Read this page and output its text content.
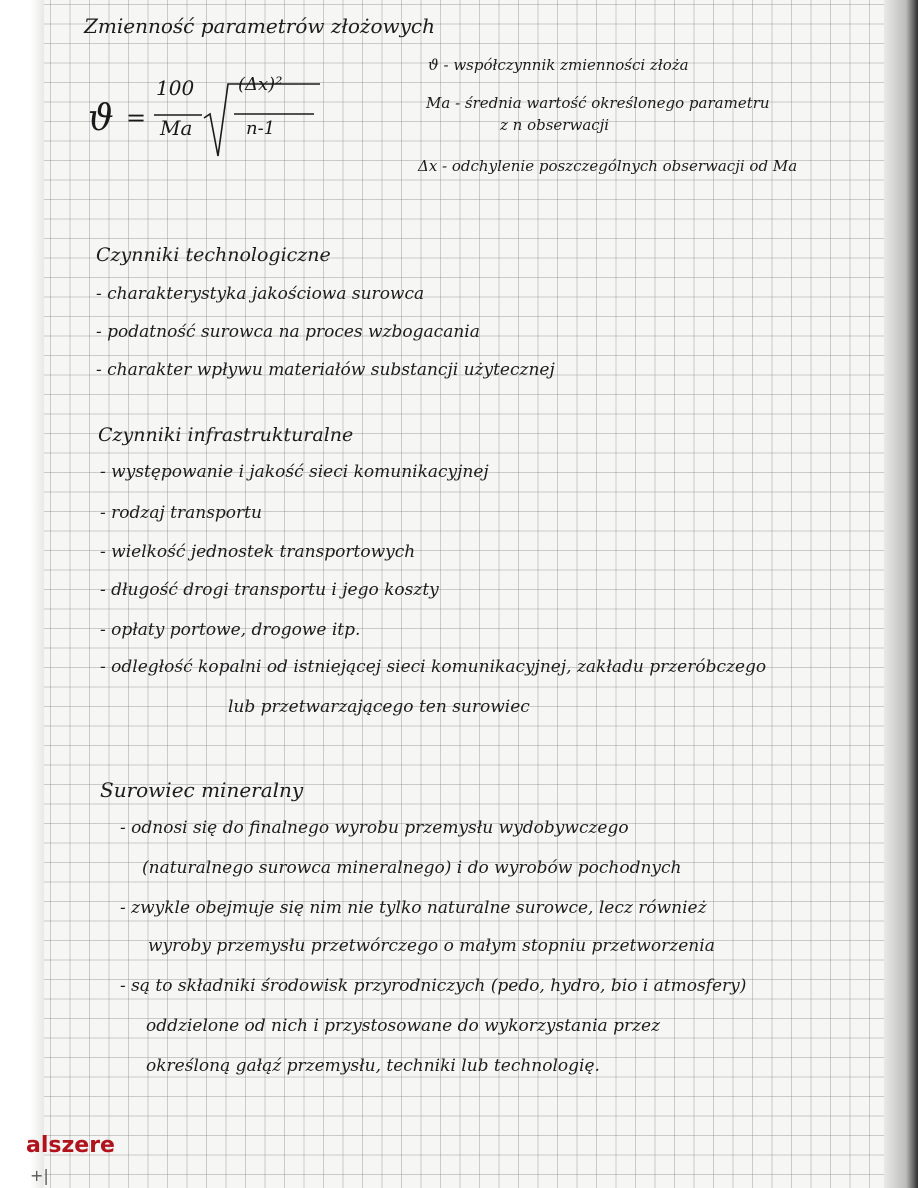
Zmienność parametrów złożowych
ϑ =
100
Ma
(Δx)²
n-1
ϑ - współczynnik zmienności złoża
Ma - średnia wartość określonego parametru
z n obserwacji
Δx - odchylenie poszczególnych obserwacji od Ma
Czynniki technologiczne
- charakterystyka jakościowa surowca
- podatność surowca na proces wzbogacania
- charakter wpływu materiałów substancji użytecznej
Czynniki infrastrukturalne
- występowanie i jakość sieci komunikacyjnej
- rodzaj transportu
- wielkość jednostek transportowych
- długość drogi transportu i jego koszty
- opłaty portowe, drogowe itp.
- odległość kopalni od istniejącej sieci komunikacyjnej, zakładu przeróbczego
lub przetwarzającego ten surowiec
Surowiec mineralny
- odnosi się do finalnego wyrobu przemysłu wydobywczego
(naturalnego surowca mineralnego) i do wyrobów pochodnych
- zwykle obejmuje się nim nie tylko naturalne surowce, lecz również
wyroby przemysłu przetwórczego o małym stopniu przetworzenia
- są to składniki środowisk przyrodniczych (pedo, hydro, bio i atmosfery)
oddzielone od nich i przystosowane do wykorzystania przez
określoną gałąź przemysłu, techniki lub technologię.
alszere
+|
